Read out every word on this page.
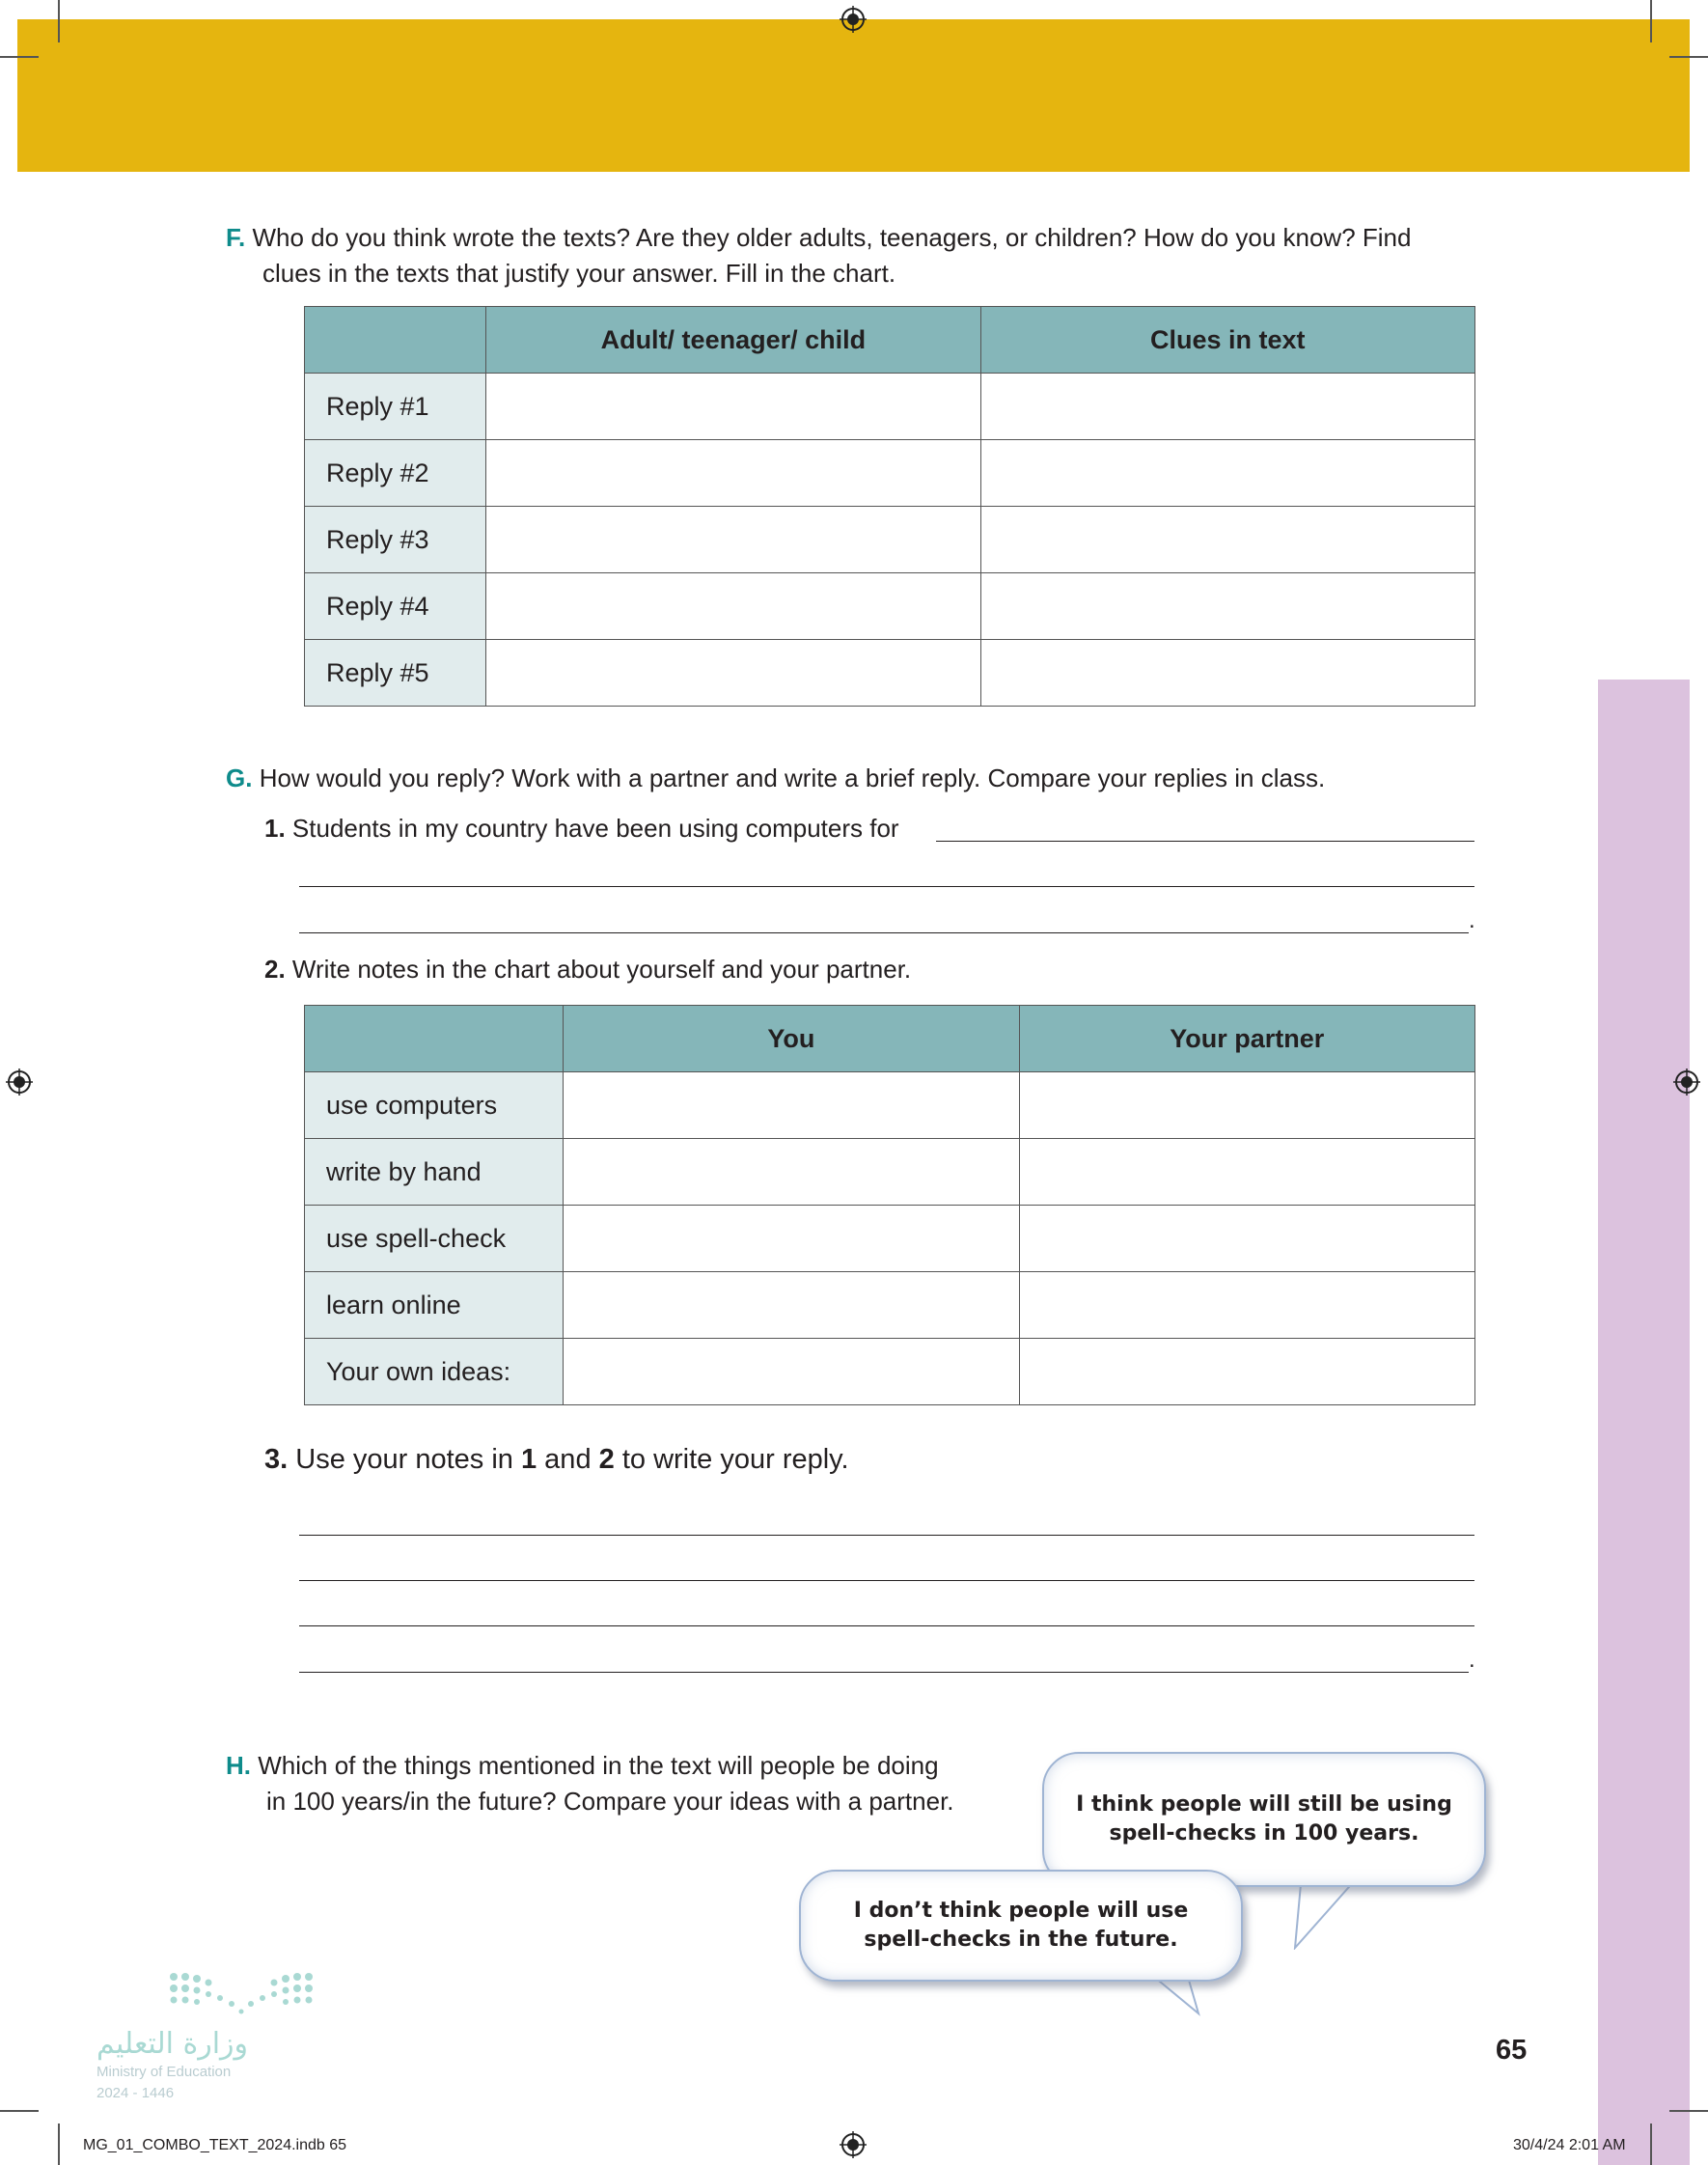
F. Who do you think wrote the texts? Are they older adults, teenagers, or children? How do you know? Find
clues in the texts that justify your answer. Fill in the chart.
	Adult/ teenager/ child	Clues in text
Reply #1		
Reply #2		
Reply #3		
Reply #4		
Reply #5		
G. How would you reply? Work with a partner and write a brief reply. Compare your replies in class.
1. Students in my country have been using computers for
.
2. Write notes in the chart about yourself and your partner.
	You	Your partner
use computers		
write by hand		
use spell-check		
learn online		
Your own ideas:		
3. Use your notes in 1 and 2 to write your reply.
.
H. Which of the things mentioned in the text will people be doing
in 100 years/in the future? Compare your ideas with a partner.	I think people will still be using
spell-checks in 100 years.
I don’t think people will use
spell-checks in the future.
وزارة التعليم
Ministry of Education
2024 - 1446
65
MG_01_COMBO_TEXT_2024.indb 65	30/4/24 2:01 AM
